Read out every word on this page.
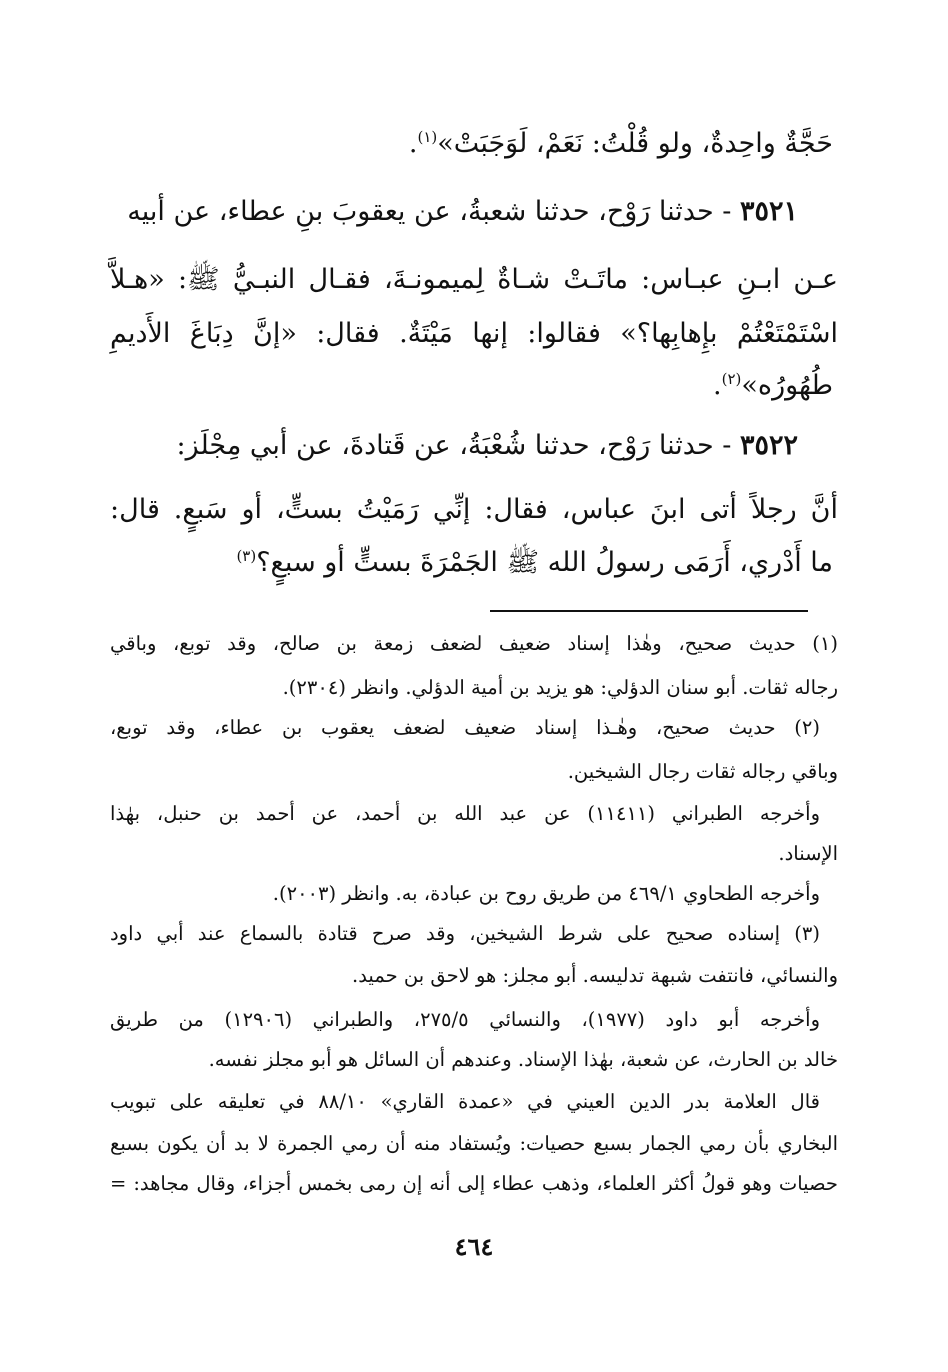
حَجَّةٌ واحِدةٌ، ولو قُلْتُ: نَعَمْ، لَوَجَبَتْ»$^{(١)}$.
٣٥٢١ - حدثنا رَوْح، حدثنا شعبةُ، عن يعقوبَ بنِ عطاء، عن أبيه
عـن ابـنِ عبـاس: ماتَـتْ شـاةٌ لِميمونـةَ، فقـال النبـيُّ ﷺ: «هـلاَّ
اسْتَمْتَعْتُمْ بإِهابِها؟» فقالوا: إنها مَيْتَةٌ. فقال: «إنَّ دِبَاغَ الأَديمِ
طُهُورُه»$^{(٢)}$.
٣٥٢٢ - حدثنا رَوْح، حدثنا شُعْبَةُ، عن قَتادةَ، عن أبي مِجْلَز:
أنَّ رجلاً أتى ابنَ عباس، فقال: إنِّي رَمَيْتُ بستٍّ، أو سَبعٍ. قال:
ما أَدْري، أَرَمَى رسولُ الله ﷺ الجَمْرَةَ بستٍّ أو سبعٍ؟$^{(٣)}$
(١) حديث صحيح، وهٰذا إسناد ضعيف لضعف زمعة بن صالح، وقد توبع، وباقي
رجاله ثقات. أبو سنان الدؤلي: هو يزيد بن أمية الدؤلي. وانظر (٢٣٠٤).
(٢) حديث صحيح، وهٰـذا إسناد ضعيف لضعف يعقوب بن عطاء، وقد توبع،
وباقي رجاله ثقات رجال الشيخين.
وأخرجه الطبراني (١١٤١١) عن عبد الله بن أحمد، عن أحمد بن حنبل، بهٰذا
الإسناد.
وأخرجه الطحاوي ٤٦٩/١ من طريق روح بن عبادة، به. وانظر (٢٠٠٣).
(٣) إسناده صحيح على شرط الشيخين، وقد صرح قتادة بالسماع عند أبي داود
والنسائي، فانتفت شبهة تدليسه. أبو مجلز: هو لاحق بن حميد.
وأخرجه أبو داود (١٩٧٧)، والنسائي ٢٧٥/٥، والطبراني (١٢٩٠٦) من طريق
خالد بن الحارث، عن شعبة، بهٰذا الإسناد. وعندهم أن السائل هو أبو مجلز نفسه.
قال العلامة بدر الدين العيني في «عمدة القاري» ٨٨/١٠ في تعليقه على تبويب
البخاري بأن رمي الجمار بسبع حصيات: ويُستفاد منه أن رمي الجمرة لا بد أن يكون بسبع
حصيات وهو قولُ أكثر العلماء، وذهب عطاء إلى أنه إن رمى بخمس أجزاء، وقال مجاهد: =
٤٦٤
